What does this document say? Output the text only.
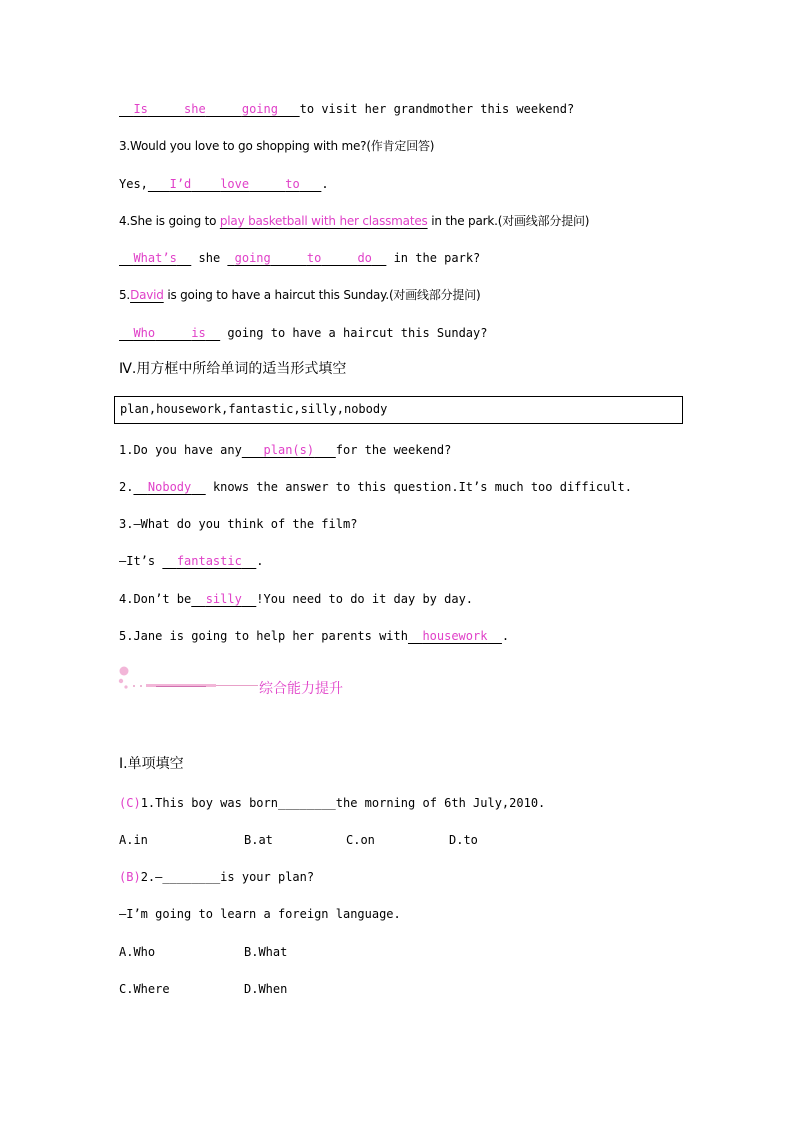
Is	she	going to visit her grandmother this weekend?
3.Would you love to go shopping with me?(作肯定回答)
Yes, I’d love	to .
4.She is going to play basketball with her classmates in the park.(对画线部分提问)
What’s   she  going	to	do   in the park?
5.David is going to have a haircut this Sunday.(对画线部分提问)
Who	is   going to have a haircut this Sunday?
Ⅳ.用方框中所给单词的适当形式填空
plan,housework,fantastic,silly,nobody
1.Do you have any plan(s) for the weekend?
2. Nobody   knows the answer to this question.It’s much too difficult.
3.—What do you think of the film?
—It’s   fantastic .
4.Don’t be silly !You need to do it day by day.
5.Jane is going to help her parents with housework .
综合能力提升
Ⅰ.单项填空
(C)1.This boy was born________the morning of 6th July,2010.
A.in	B.at	C.on	D.to
(B)2.—________is your plan?
—I’m going to learn a foreign language.
A.Who	B.What
C.Where	D.When
